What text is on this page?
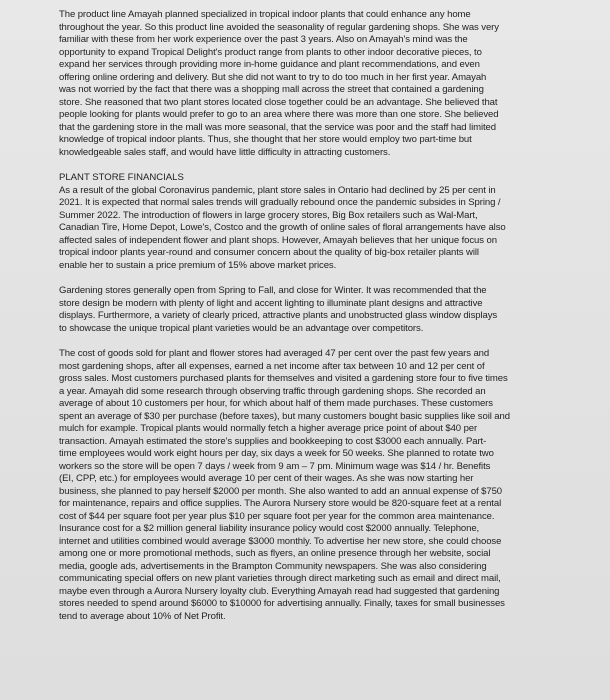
The product line Amayah planned specialized in tropical indoor plants that could enhance any home
throughout the year. So this product line avoided the seasonality of regular gardening shops. She was very
familiar with these from her work experience over the past 3 years. Also on Amayah's mind was the
opportunity to expand Tropical Delight's product range from plants to other indoor decorative pieces, to
expand her services through providing more in-home guidance and plant recommendations, and even
offering online ordering and delivery. But she did not want to try to do too much in her first year. Amayah
was not worried by the fact that there was a shopping mall across the street that contained a gardening
store. She reasoned that two plant stores located close together could be an advantage. She believed that
people looking for plants would prefer to go to an area where there was more than one store. She believed
that the gardening store in the mall was more seasonal, that the service was poor and the staff had limited
knowledge of tropical indoor plants. Thus, she thought that her store would employ two part-time but
knowledgeable sales staff, and would have little difficulty in attracting customers.
PLANT STORE FINANCIALS
As a result of the global Coronavirus pandemic, plant store sales in Ontario had declined by 25 per cent in
2021. It is expected that normal sales trends will gradually rebound once the pandemic subsides in Spring /
Summer 2022. The introduction of flowers in large grocery stores, Big Box retailers such as Wal-Mart,
Canadian Tire, Home Depot, Lowe's, Costco and the growth of online sales of floral arrangements have also
affected sales of independent flower and plant shops. However, Amayah believes that her unique focus on
tropical indoor plants year-round and consumer concern about the quality of big-box retailer plants will
enable her to sustain a price premium of 15% above market prices.
Gardening stores generally open from Spring to Fall, and close for Winter. It was recommended that the
store design be modern with plenty of light and accent lighting to illuminate plant designs and attractive
displays. Furthermore, a variety of clearly priced, attractive plants and unobstructed glass window displays
to showcase the unique tropical plant varieties would be an advantage over competitors.
The cost of goods sold for plant and flower stores had averaged 47 per cent over the past few years and
most gardening shops, after all expenses, earned a net income after tax between 10 and 12 per cent of
gross sales. Most customers purchased plants for themselves and visited a gardening store four to five times
a year. Amayah did some research through observing traffic through gardening shops. She recorded an
average of about 10 customers per hour, for which about half of them made purchases. These customers
spent an average of $30 per purchase (before taxes), but many customers bought basic supplies like soil and
mulch for example. Tropical plants would normally fetch a higher average price point of about $40 per
transaction. Amayah estimated the store's supplies and bookkeeping to cost $3000 each annually. Part-
time employees would work eight hours per day, six days a week for 50 weeks. She planned to rotate two
workers so the store will be open 7 days / week from 9 am – 7 pm. Minimum wage was $14 / hr. Benefits
(EI, CPP, etc.) for employees would average 10 per cent of their wages. As she was now starting her
business, she planned to pay herself $2000 per month. She also wanted to add an annual expense of $750
for maintenance, repairs and office supplies. The Aurora Nursery store would be 820-square feet at a rental
cost of $44 per square foot per year plus $10 per square foot per year for the common area maintenance.
Insurance cost for a $2 million general liability insurance policy would cost $2000 annually. Telephone,
internet and utilities combined would average $3000 monthly. To advertise her new store, she could choose
among one or more promotional methods, such as flyers, an online presence through her website, social
media, google ads, advertisements in the Brampton Community newspapers. She was also considering
communicating special offers on new plant varieties through direct marketing such as email and direct mail,
maybe even through a Aurora Nursery loyalty club. Everything Amayah read had suggested that gardening
stores needed to spend around $6000 to $10000 for advertising annually. Finally, taxes for small businesses
tend to average about 10% of Net Profit.
